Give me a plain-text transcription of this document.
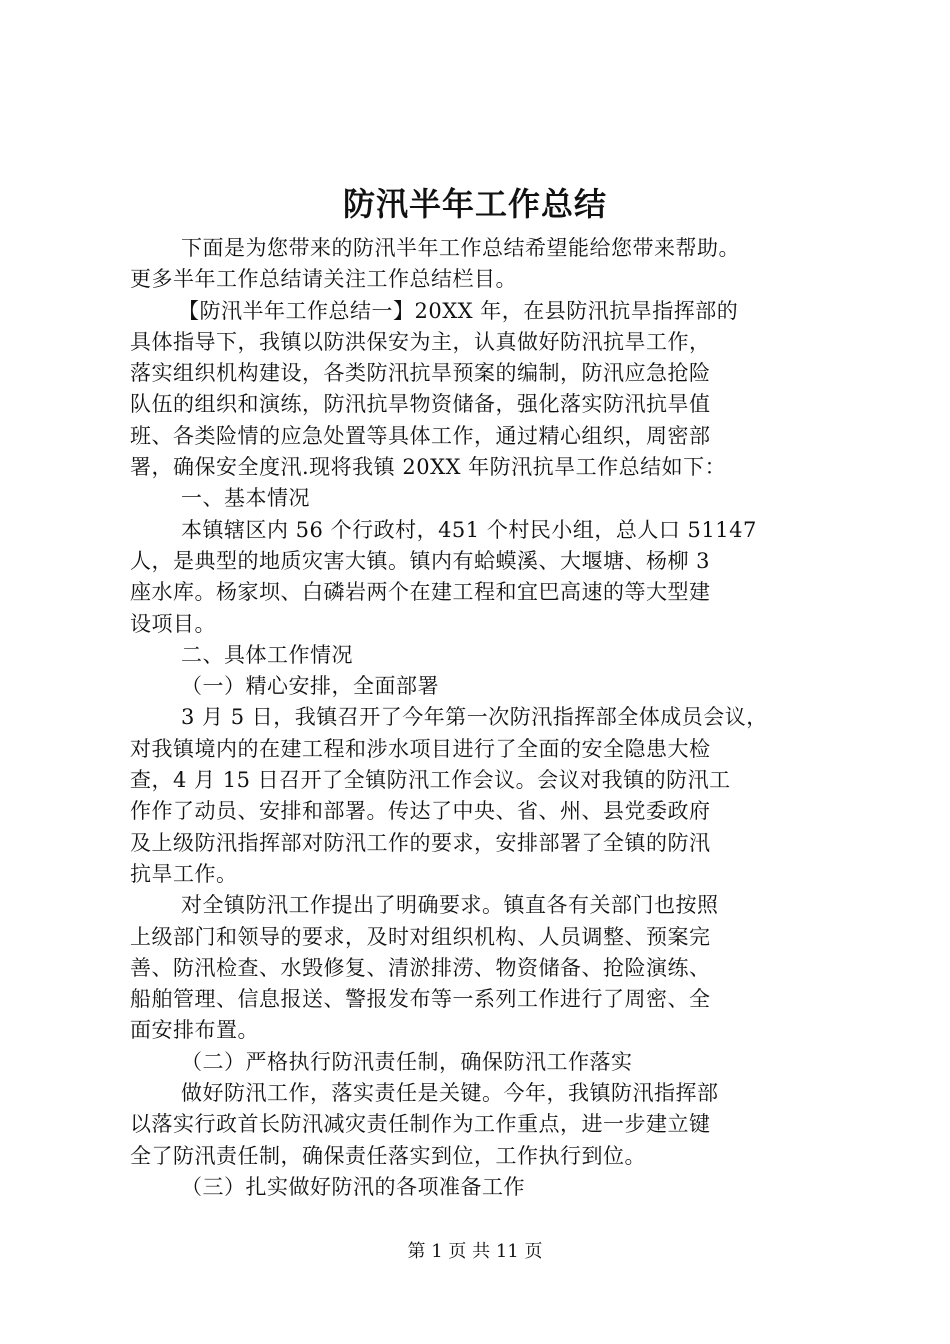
防汛半年工作总结
下面是为您带来的防汛半年工作总结希望能给您带来帮助。
更多半年工作总结请关注工作总结栏目。
【防汛半年工作总结一】20XX 年，在县防汛抗旱指挥部的
具体指导下，我镇以防洪保安为主，认真做好防汛抗旱工作，
落实组织机构建设，各类防汛抗旱预案的编制，防汛应急抢险
队伍的组织和演练，防汛抗旱物资储备，强化落实防汛抗旱值
班、各类险情的应急处置等具体工作，通过精心组织，周密部
署，确保安全度汛.现将我镇 20XX 年防汛抗旱工作总结如下：
一、基本情况
本镇辖区内 56 个行政村，451 个村民小组，总人口 51147
人，是典型的地质灾害大镇。镇内有蛤蟆溪、大堰塘、杨柳 3
座水库。杨家坝、白磷岩两个在建工程和宜巴高速的等大型建
设项目。
二、具体工作情况
（一）精心安排，全面部署
3 月 5 日，我镇召开了今年第一次防汛指挥部全体成员会议，
对我镇境内的在建工程和涉水项目进行了全面的安全隐患大检
查，4 月 15 日召开了全镇防汛工作会议。会议对我镇的防汛工
作作了动员、安排和部署。传达了中央、省、州、县党委政府
及上级防汛指挥部对防汛工作的要求，安排部署了全镇的防汛
抗旱工作。
对全镇防汛工作提出了明确要求。镇直各有关部门也按照
上级部门和领导的要求，及时对组织机构、人员调整、预案完
善、防汛检查、水毁修复、清淤排涝、物资储备、抢险演练、
船舶管理、信息报送、警报发布等一系列工作进行了周密、全
面安排布置。
（二）严格执行防汛责任制，确保防汛工作落实
做好防汛工作，落实责任是关键。今年，我镇防汛指挥部
以落实行政首长防汛减灾责任制作为工作重点，进一步建立键
全了防汛责任制，确保责任落实到位，工作执行到位。
（三）扎实做好防汛的各项准备工作
第 1 页 共 11 页
